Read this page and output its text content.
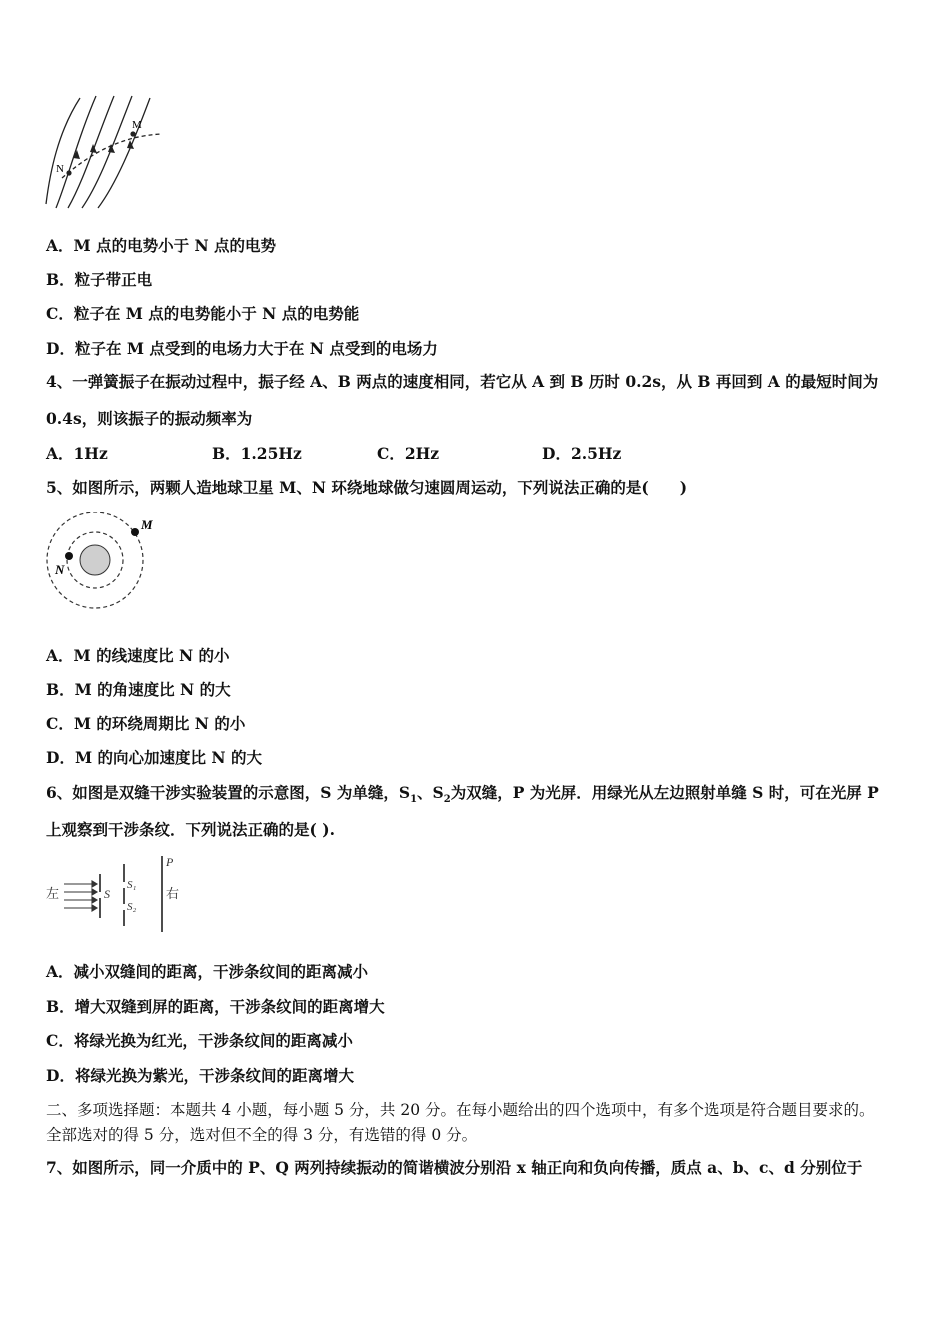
M
N
A．M 点的电势小于 N 点的电势
B．粒子带正电
C．粒子在 M 点的电势能小于 N 点的电势能
D．粒子在 M 点受到的电场力大于在 N 点受到的电场力
4、一弹簧振子在振动过程中，振子经 A、B 两点的速度相同，若它从 A 到 B 历时 0.2s，从 B 再回到 A 的最短时间为
0.4s，则该振子的振动频率为
A．1Hz	B．1.25Hz	C．2Hz	D．2.5Hz
5、如图所示，两颗人造地球卫星 M、N 环绕地球做匀速圆周运动，下列说法正确的是(　　)
M
N
A．M 的线速度比 N 的小
B．M 的角速度比 N 的大
C．M 的环绕周期比 N 的小
D．M 的向心加速度比 N 的大
6、如图是双缝干涉实验装置的示意图，S 为单缝，$S_1$、$S_2$为双缝，P 为光屏．用绿光从左边照射单缝 S 时，可在光屏 P
上观察到干涉条纹．下列说法正确的是( ).
左	S
S₁
S₂
P
右
A．减小双缝间的距离，干涉条纹间的距离减小
B．增大双缝到屏的距离，干涉条纹间的距离增大
C．将绿光换为红光，干涉条纹间的距离减小
D．将绿光换为紫光，干涉条纹间的距离增大
二、多项选择题：本题共 4 小题，每小题 5 分，共 20 分。在每小题给出的四个选项中，有多个选项是符合题目要求的。
全部选对的得 5 分，选对但不全的得 3 分，有选错的得 0 分。
7、如图所示，同一介质中的 P、Q 两列持续振动的简谐横波分别沿 x 轴正向和负向传播，质点 a、b、c、d 分别位于
